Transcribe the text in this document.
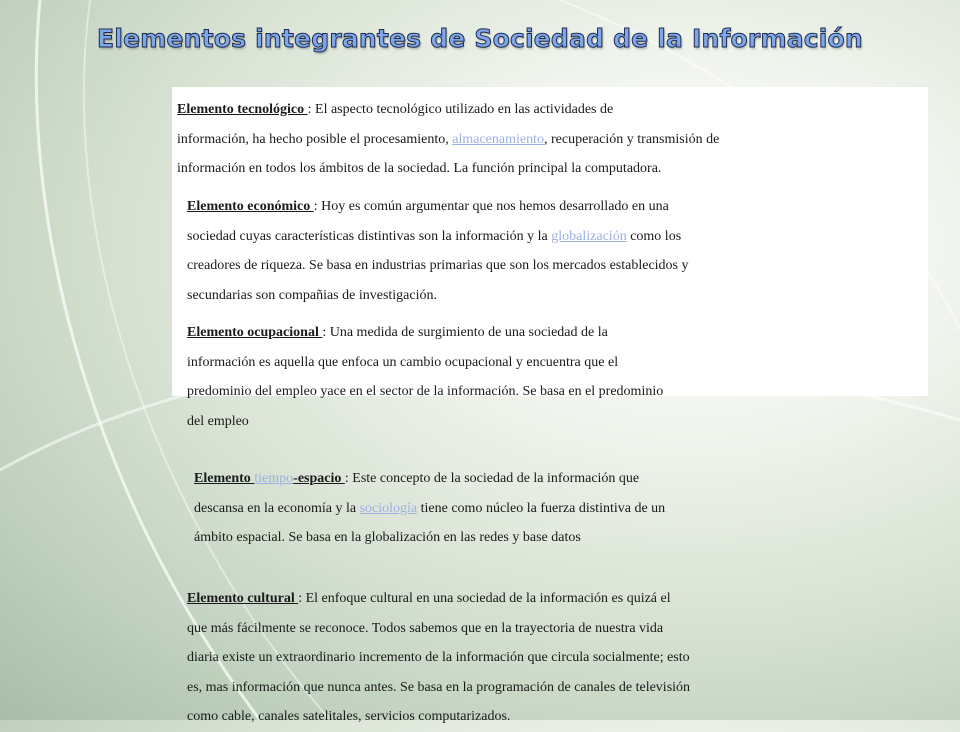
Elementos integrantes de Sociedad de la Información

Elemento tecnológico : El aspecto tecnológico utilizado en las actividades de

información, ha hecho posible el procesamiento, almacenamiento, recuperación y transmisión de

información en todos los ámbitos de la sociedad. La función principal la computadora.

Elemento económico : Hoy es común argumentar que nos hemos desarrollado en una

sociedad cuyas características distintivas son la información y la globalización como los

creadores de riqueza. Se basa en industrias primarias que son los mercados establecidos y

secundarias son compañias de investigación.

Elemento ocupacional : Una medida de surgimiento de una sociedad de la

información es aquella que enfoca un cambio ocupacional y encuentra que el

predominio del empleo yace en el sector de la información. Se basa en el predominio

del empleo

Elemento tiempo-espacio : Este concepto de la sociedad de la información que

descansa en la economía y la sociología tiene como núcleo la fuerza distintiva de un

ámbito espacial. Se basa en la globalización en las redes y base datos

Elemento cultural : El enfoque cultural en una sociedad de la información es quizá el

que más fácilmente se reconoce. Todos sabemos que en la trayectoria de nuestra vida

diaria existe un extraordinario incremento de la información que circula socialmente; esto

es, mas información que nunca antes. Se basa en la programación de canales de televisión

como cable, canales satelitales, servicios computarizados.
